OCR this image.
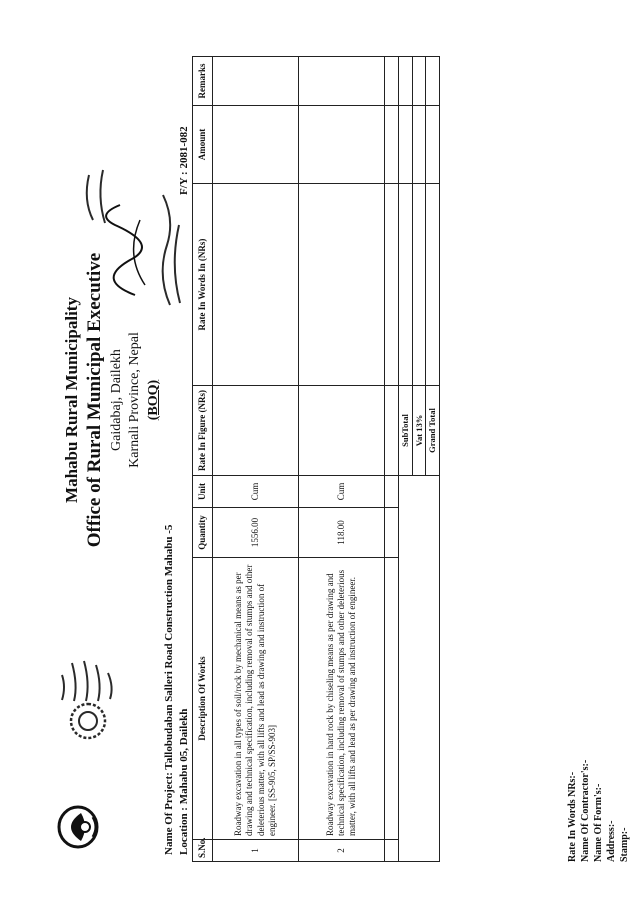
Mahabu Rural Municipality Office of Rural Municipal Executive Gaidabaj, Dailekh Karnali Province, Nepal (BOQ)
F/Y : 2081-082
Name Of Project: Tallobudaban Salleri Road Construction Mahabu -5 Location : Mahabu 05, Dailekh S.No.	Description Of Works	Quantity	Unit	Rate In Figure (NRs)	Rate In Words In (NRs)	Amount	Remarks
1	Roadway excavation in all types of soil/rock by mechanical means as per drawing and technical specification, including removal of stumps and other deleterious matter, with all lifts and lead as drawing and instruction of engineer. [SS-905, SP/SS-903]	1556.00	Cum				
2	Roadway excavation in hard rock by chiseling means as per drawing and technical specification, including removal of stumps and other deleterious matter, with all lifts and lead as per drawing and instruction of engineer.	118.00	Cum				

				SubTotal			
				Vat 13%			
				Grand Total			
Rate In Words NRs:- Name Of Contractor's:- Name Of Form's:- Address:- Stamp:-
